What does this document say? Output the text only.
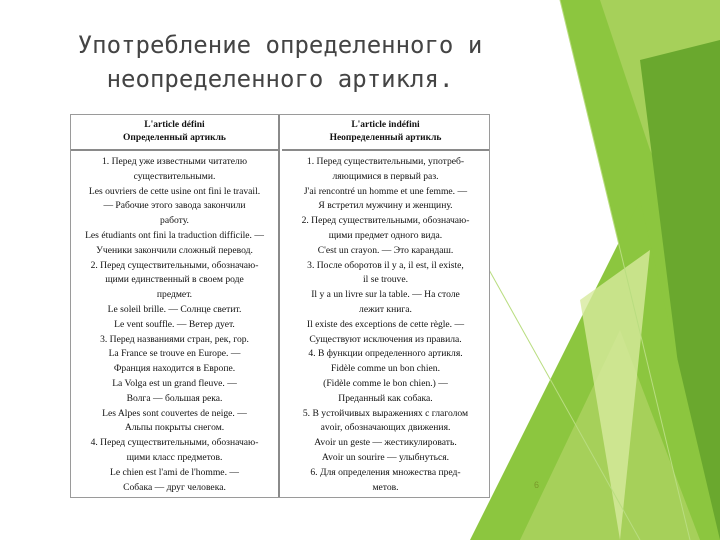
Употребление определенного и
неопределенного артикля.
L'article défini
Определенный артикль
1. Перед уже известными читателю
существительными.
Les ouvriers de cette usine ont fini le travail.
— Рабочие этого завода закончили
работу.
Les étudiants ont fini la traduction difficile. —
Ученики закончили сложный перевод.
2. Перед существительными, обозначаю-
щими единственный в своем роде
предмет.
Le soleil brille. — Солнце светит.
Le vent souffle. — Ветер дует.
3. Перед названиями стран, рек, гор.
La France se trouve en Europe. —
Франция находится в Европе.
La Volga est un grand fleuve. —
Волга — большая река.
Les Alpes sont couvertes de neige. —
Альпы покрыты снегом.
4. Перед существительными, обозначаю-
щими класс предметов.
Le chien est l'ami de l'homme. —
Собака — друг человека.
L'article indéfini
Неопределенный артикль
1. Перед существительными, употреб-
ляющимися в первый раз.
J'ai rencontré un homme et une femme. —
Я встретил мужчину и женщину.
2. Перед существительными, обозначаю-
щими предмет одного вида.
C'est un crayon. — Это карандаш.
3. После оборотов il y a, il est, il existe,
il se trouve.
Il y a un livre sur la table. — На столе
лежит книга.
Il existe des exceptions de cette règle. —
Существуют исключения из правила.
4. В функции определенного артикля.
Fidèle comme un bon chien.
(Fidèle comme le bon chien.) —
Преданный как собака.
5. В устойчивых выражениях с глаголом
avoir, обозначающих движения.
Avoir un geste — жестикулировать.
Avoir un sourire — улыбнуться.
6. Для определения множества пред-
метов.	6
